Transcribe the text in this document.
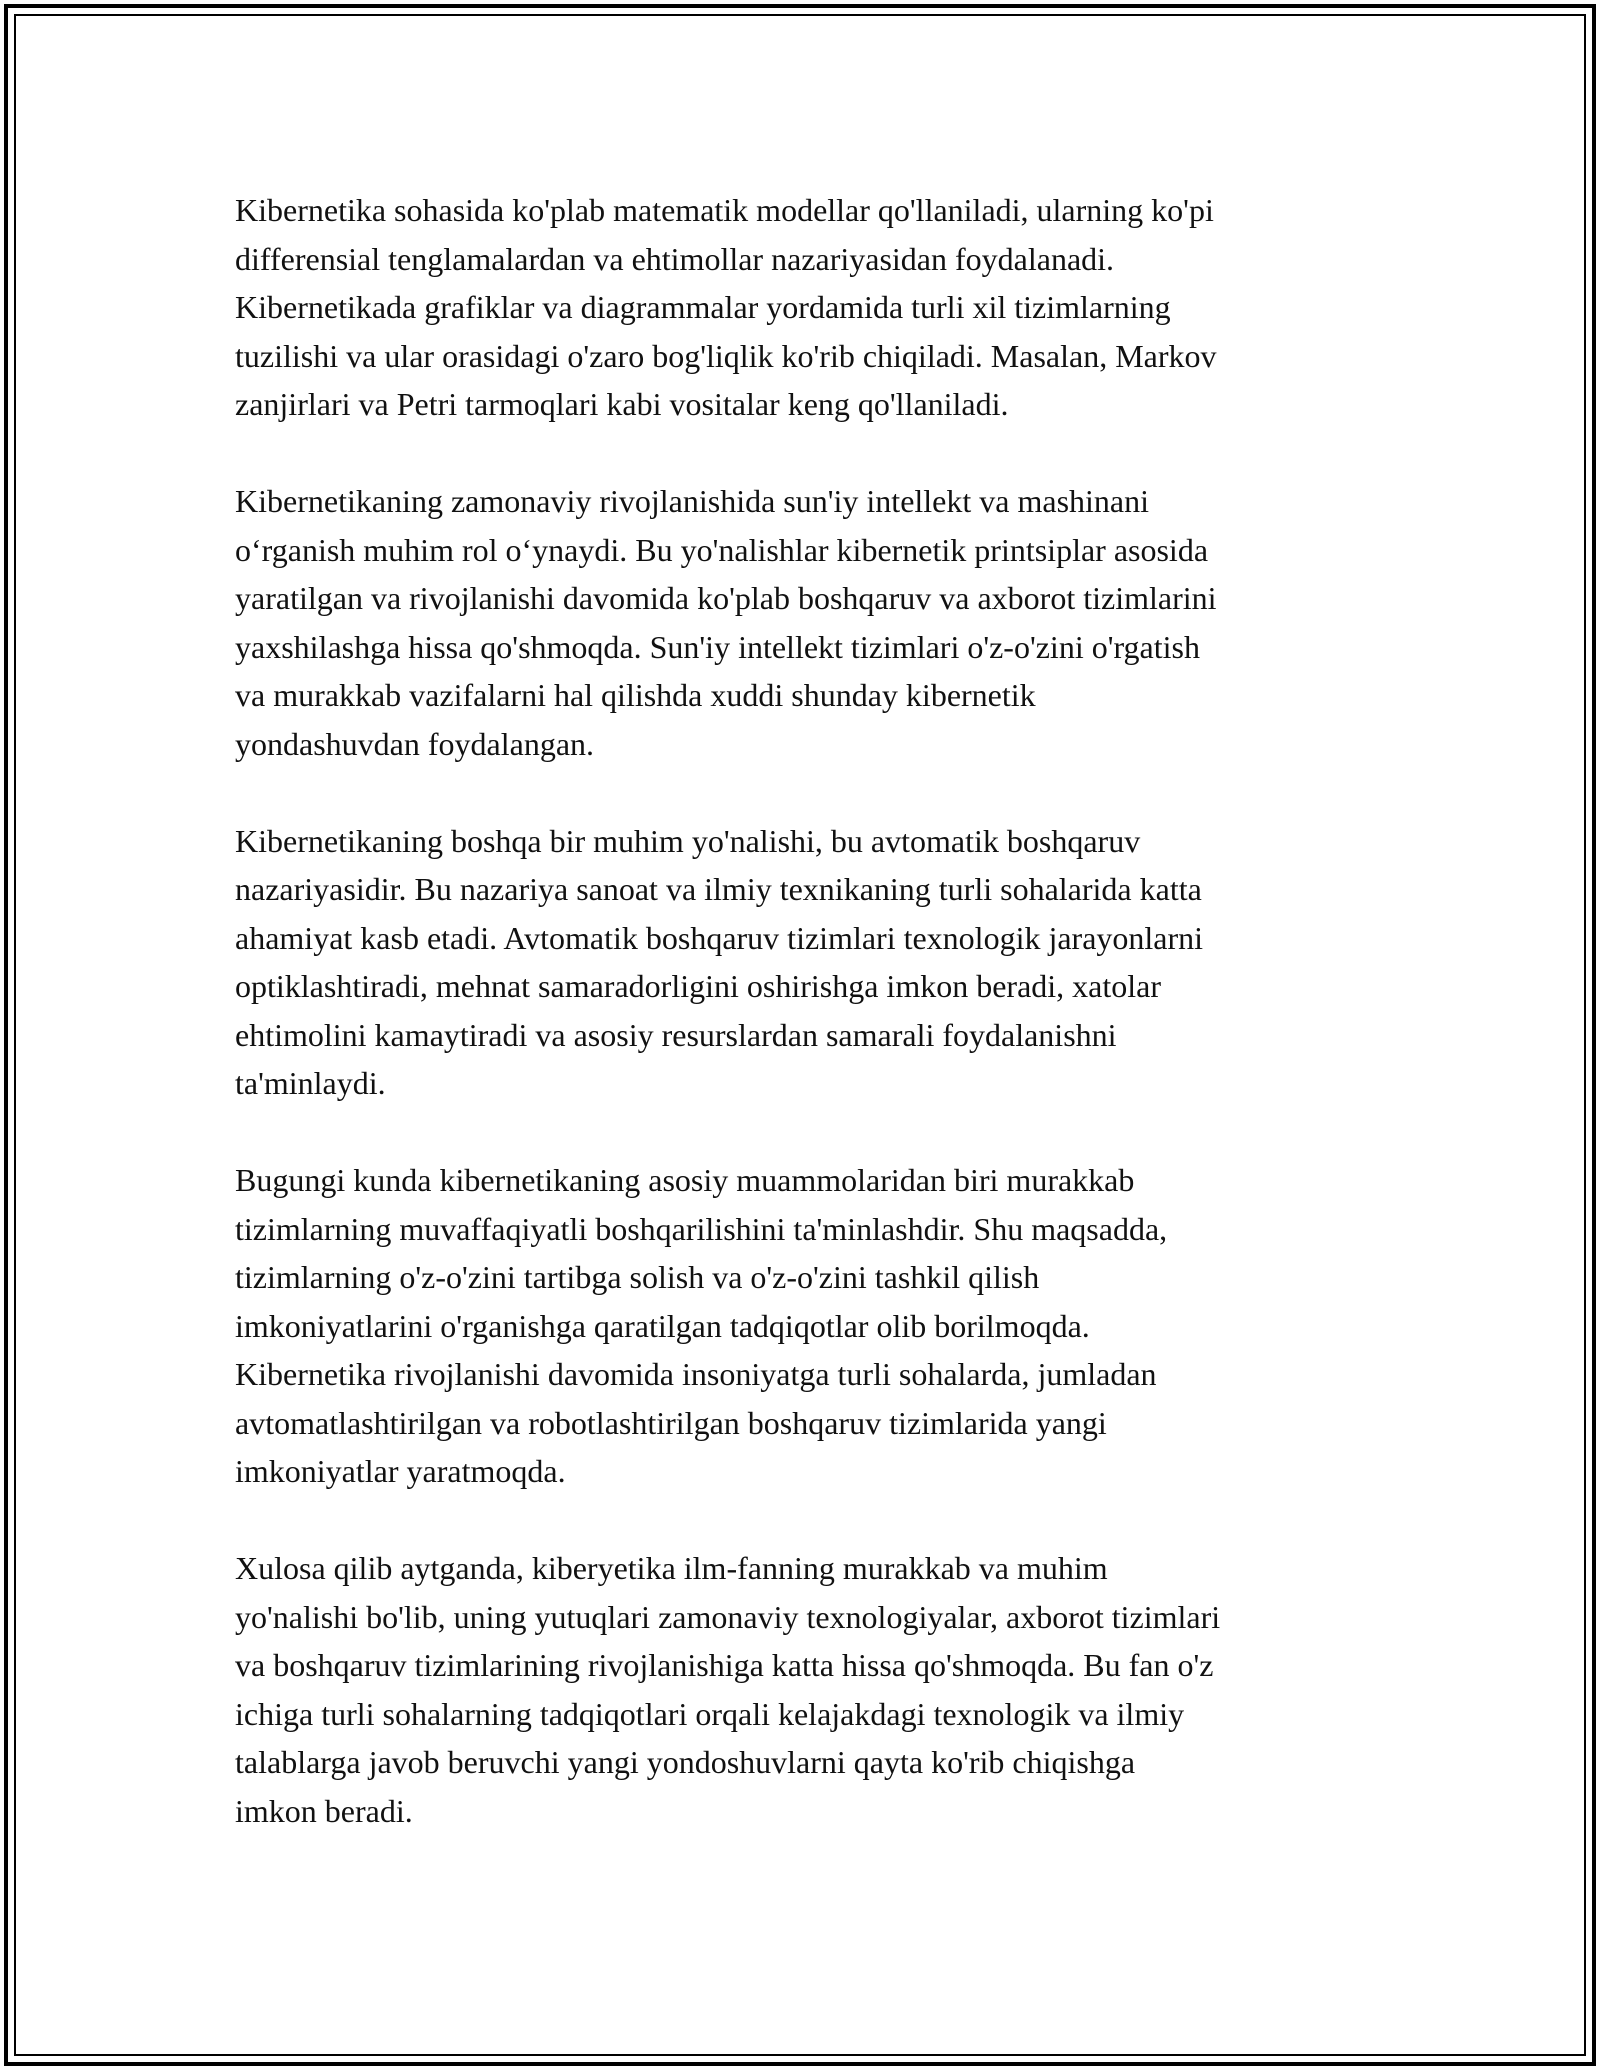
Kibernetika sohasida ko'plab matematik modellar qo'llaniladi, ularning ko'pi
differensial tenglamalardan va ehtimollar nazariyasidan foydalanadi.
Kibernetikada grafiklar va diagrammalar yordamida turli xil tizimlarning
tuzilishi va ular orasidagi o'zaro bog'liqlik ko'rib chiqiladi. Masalan, Markov
zanjirlari va Petri tarmoqlari kabi vositalar keng qo'llaniladi.

Kibernetikaning zamonaviy rivojlanishida sun'iy intellekt va mashinani
o‘rganish muhim rol o‘ynaydi. Bu yo'nalishlar kibernetik printsiplar asosida
yaratilgan va rivojlanishi davomida ko'plab boshqaruv va axborot tizimlarini
yaxshilashga hissa qo'shmoqda. Sun'iy intellekt tizimlari o'z-o'zini o'rgatish
va murakkab vazifalarni hal qilishda xuddi shunday kibernetik
yondashuvdan foydalangan.

Kibernetikaning boshqa bir muhim yo'nalishi, bu avtomatik boshqaruv
nazariyasidir. Bu nazariya sanoat va ilmiy texnikaning turli sohalarida katta
ahamiyat kasb etadi. Avtomatik boshqaruv tizimlari texnologik jarayonlarni
optiklashtiradi, mehnat samaradorligini oshirishga imkon beradi, xatolar
ehtimolini kamaytiradi va asosiy resurslardan samarali foydalanishni
ta'minlaydi.

Bugungi kunda kibernetikaning asosiy muammolaridan biri murakkab
tizimlarning muvaffaqiyatli boshqarilishini ta'minlashdir. Shu maqsadda,
tizimlarning o'z-o'zini tartibga solish va o'z-o'zini tashkil qilish
imkoniyatlarini o'rganishga qaratilgan tadqiqotlar olib borilmoqda.
Kibernetika rivojlanishi davomida insoniyatga turli sohalarda, jumladan
avtomatlashtirilgan va robotlashtirilgan boshqaruv tizimlarida yangi
imkoniyatlar yaratmoqda.

Xulosa qilib aytganda, kiberyetika ilm-fanning murakkab va muhim
yo'nalishi bo'lib, uning yutuqlari zamonaviy texnologiyalar, axborot tizimlari
va boshqaruv tizimlarining rivojlanishiga katta hissa qo'shmoqda. Bu fan o'z
ichiga turli sohalarning tadqiqotlari orqali kelajakdagi texnologik va ilmiy
talablarga javob beruvchi yangi yondoshuvlarni qayta ko'rib chiqishga
imkon beradi.
